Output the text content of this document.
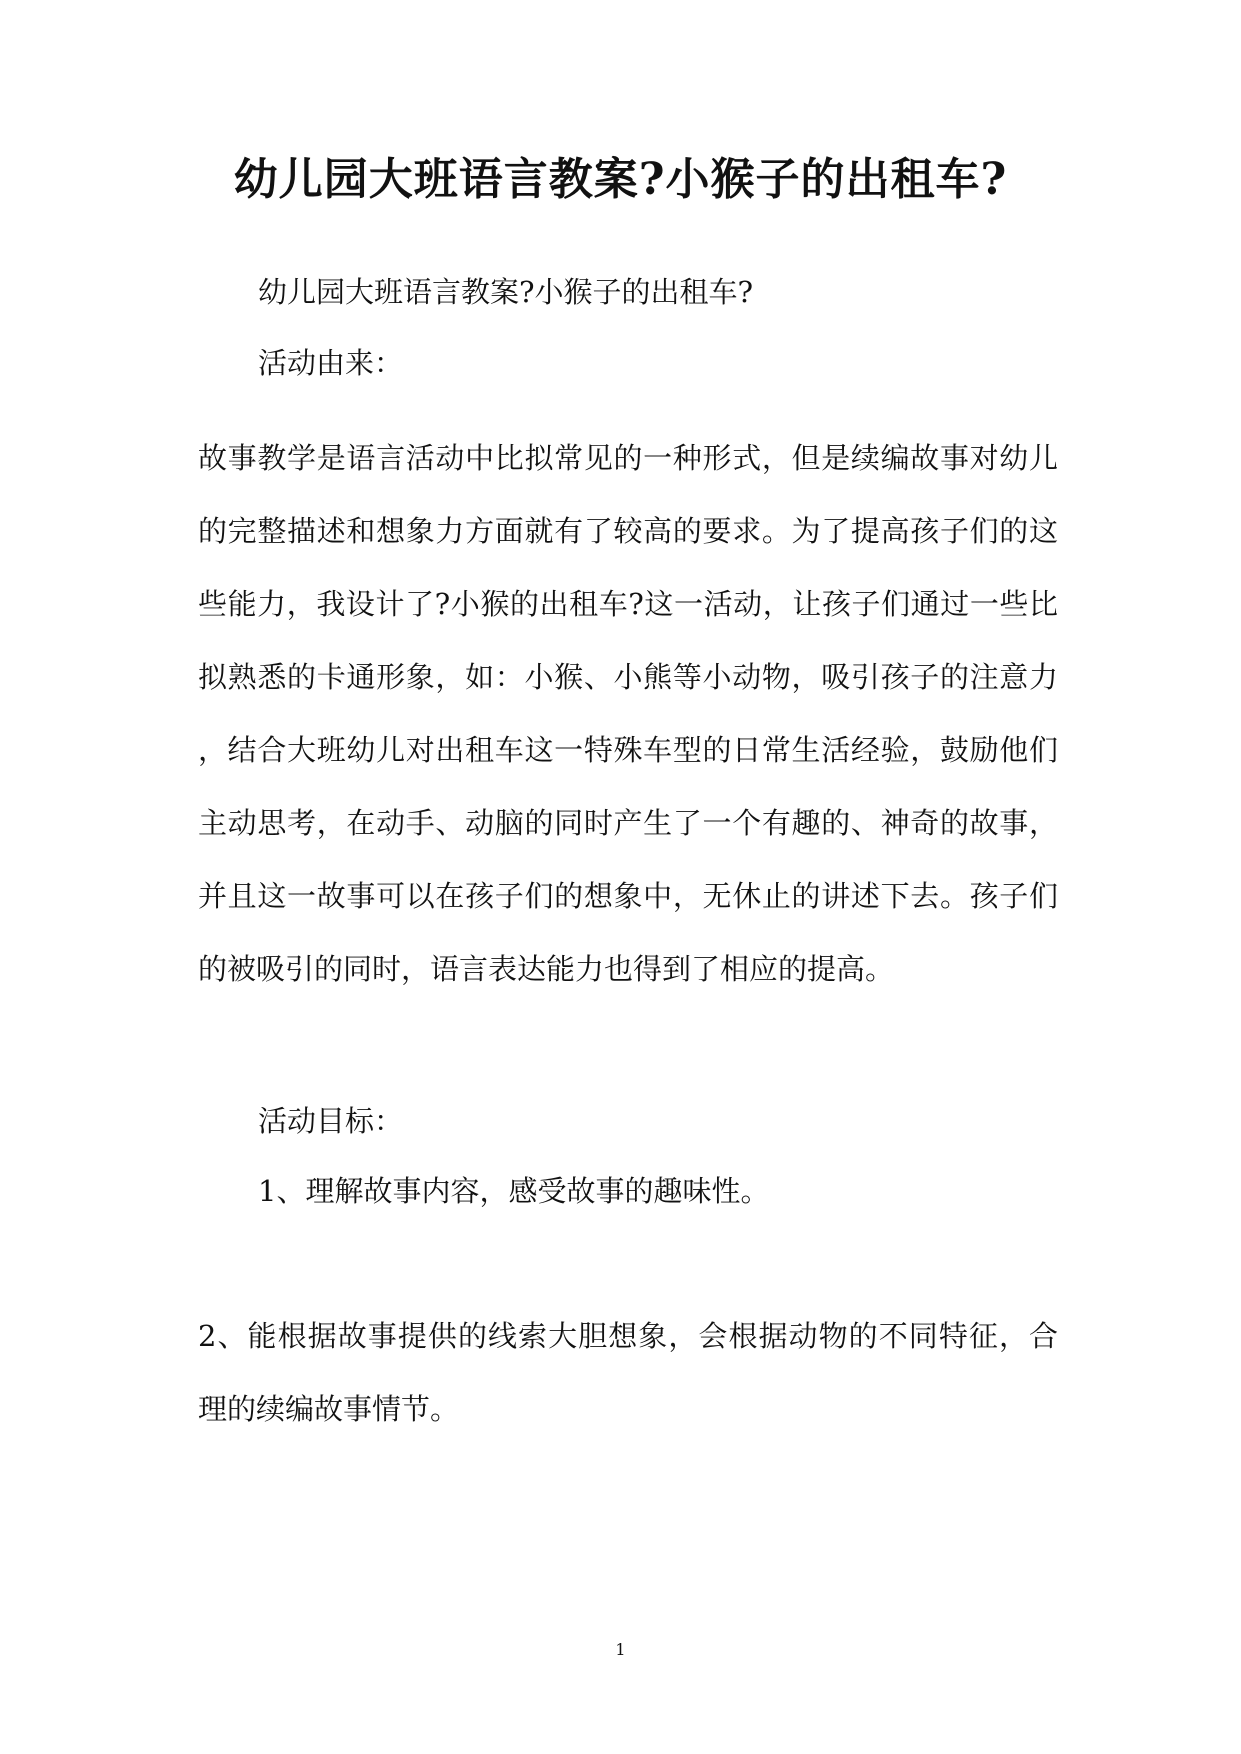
幼儿园大班语言教案?小猴子的出租车?
幼儿园大班语言教案?小猴子的出租车?
活动由来：
故事教学是语言活动中比拟常见的一种形式，但是续编故事对幼儿
的完整描述和想象力方面就有了较高的要求。为了提高孩子们的这
些能力，我设计了?小猴的出租车?这一活动，让孩子们通过一些比
拟熟悉的卡通形象，如：小猴、小熊等小动物，吸引孩子的注意力
，结合大班幼儿对出租车这一特殊车型的日常生活经验，鼓励他们
主动思考，在动手、动脑的同时产生了一个有趣的、神奇的故事，
并且这一故事可以在孩子们的想象中，无休止的讲述下去。孩子们
的被吸引的同时，语言表达能力也得到了相应的提高。
活动目标：
1、理解故事内容，感受故事的趣味性。
2、能根据故事提供的线索大胆想象，会根据动物的不同特征，合
理的续编故事情节。
1
